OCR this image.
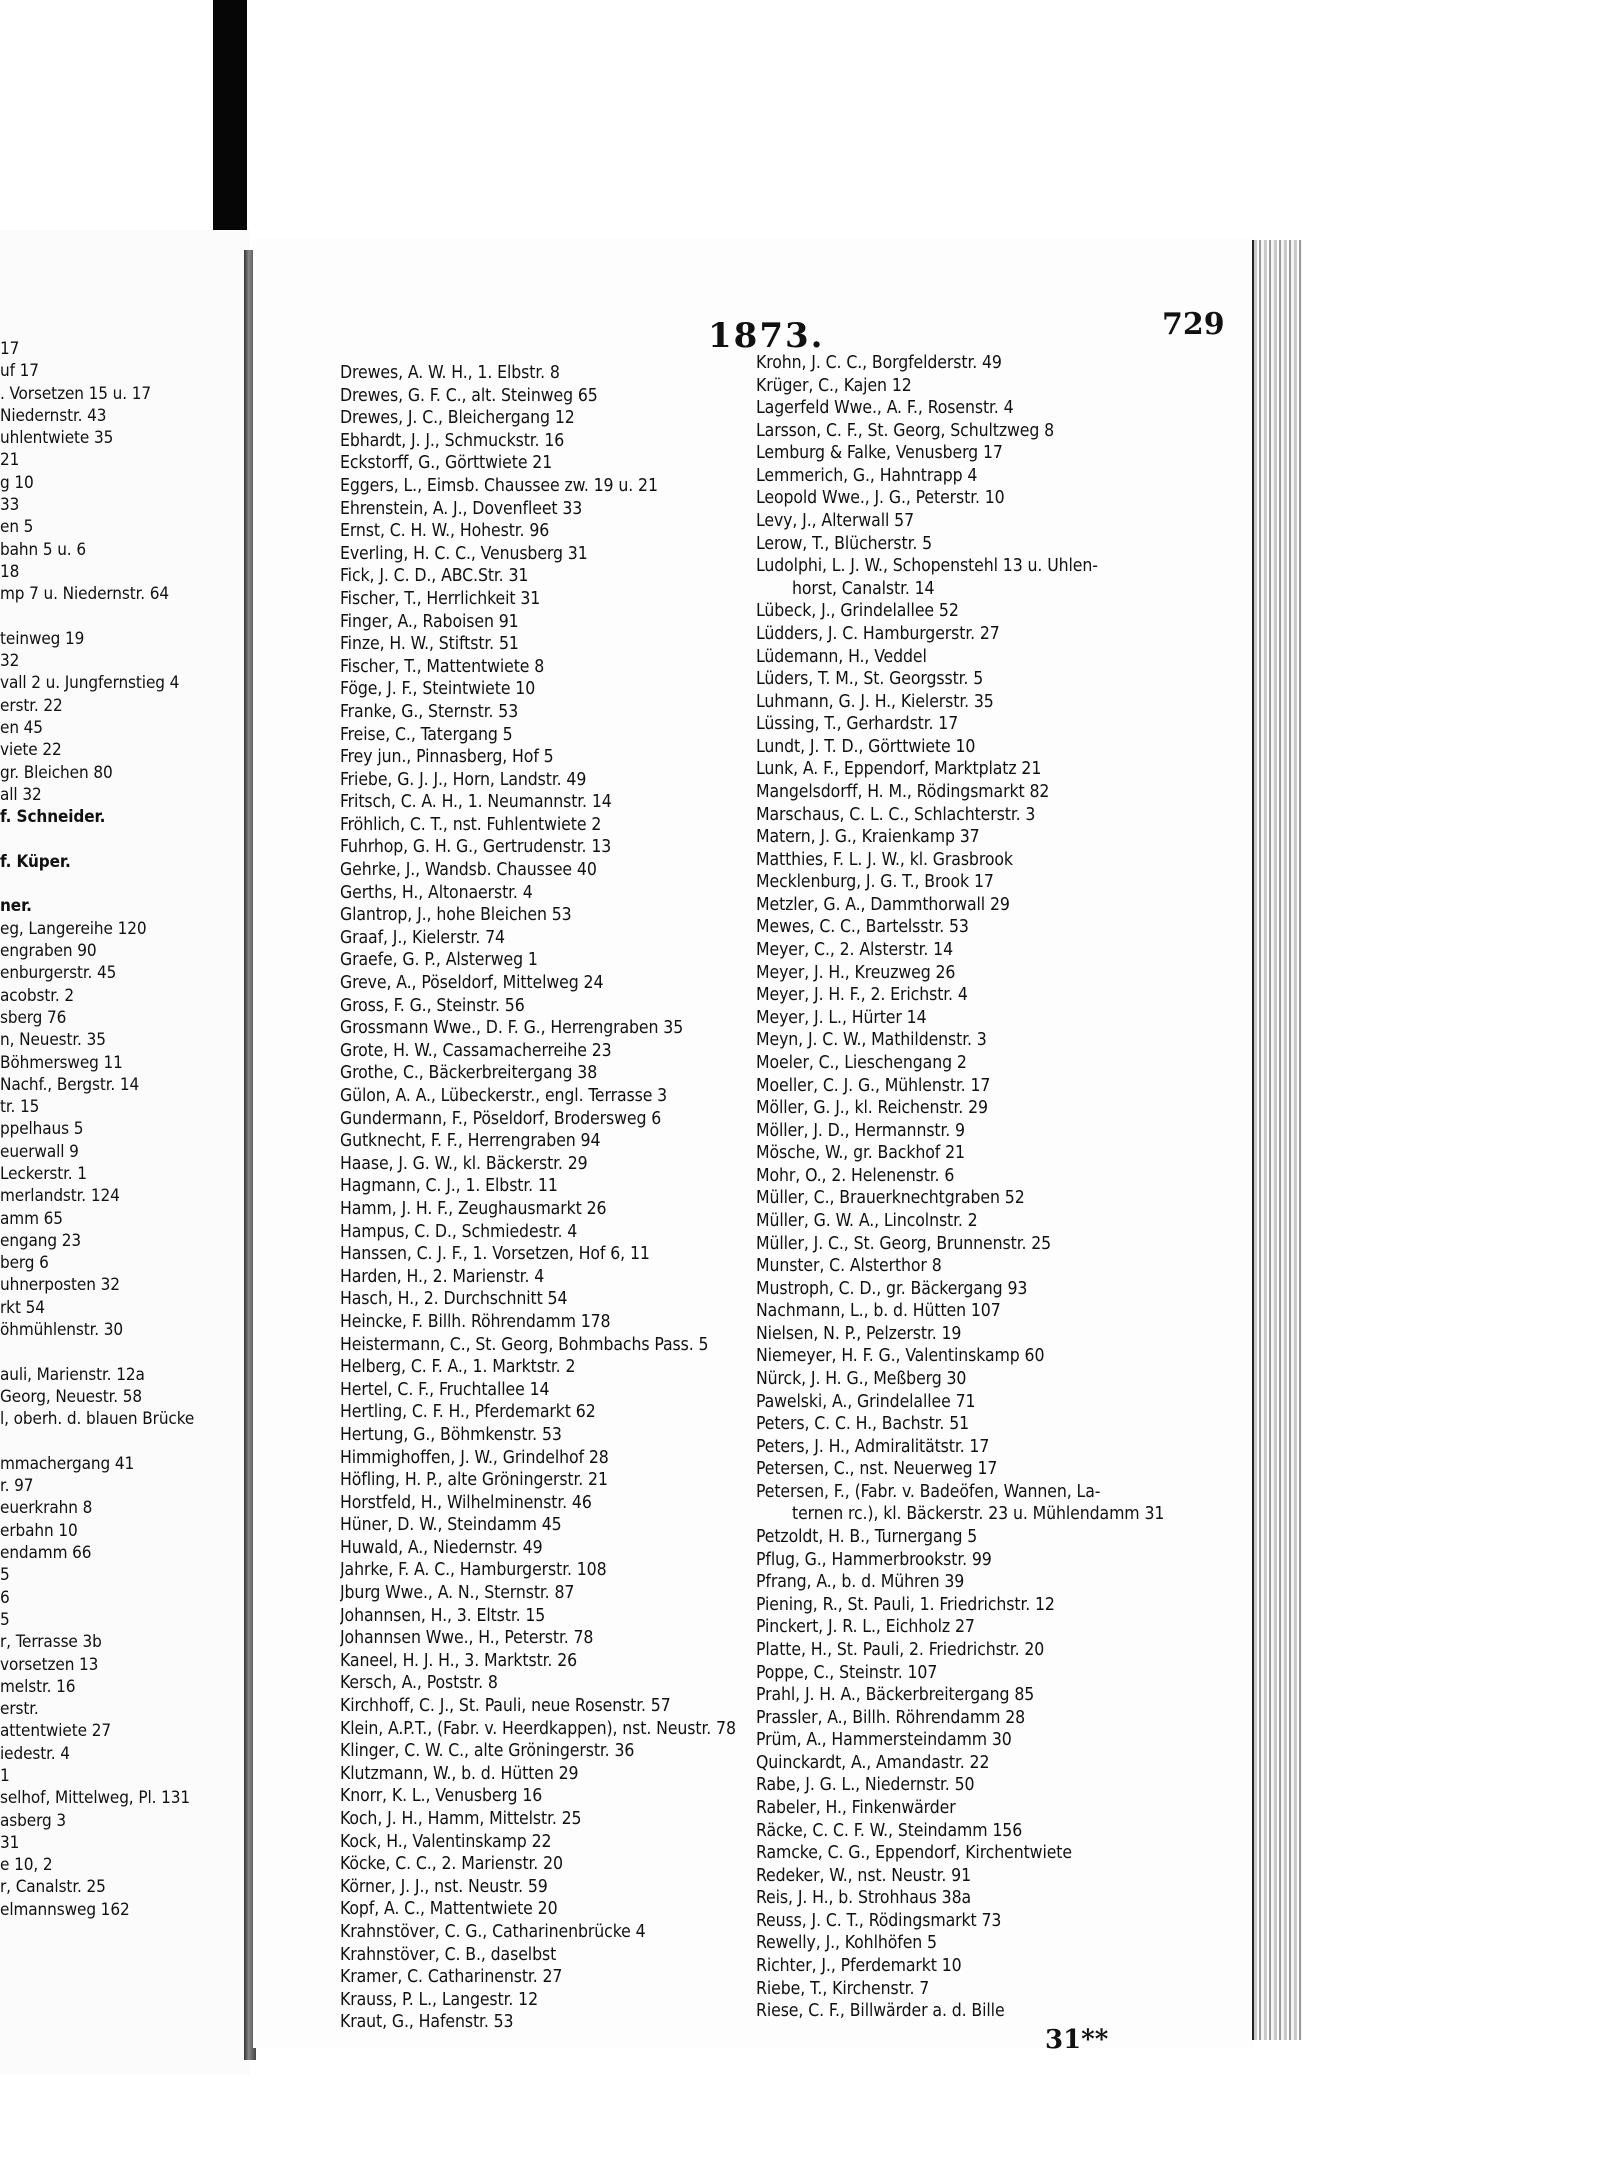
1873.	729
17
uf 17
. Vorsetzen 15 u. 17
Niedernstr. 43
uhlentwiete 35
21
g 10
33
en 5
bahn 5 u. 6
18
mp 7 u. Niedernstr. 64
teinweg 19
32
vall 2 u. Jungfernstieg 4
erstr. 22
en 45
viete 22
gr. Bleichen 80
all 32
f. Schneider.
f. Küper.
ner.
eg, Langereihe 120
engraben 90
enburgerstr. 45
acobstr. 2
sberg 76
n, Neuestr. 35
Böhmersweg 11
Nachf., Bergstr. 14
tr. 15
ppelhaus 5
euerwall 9
Leckerstr. 1
merlandstr. 124
amm 65
engang 23
berg 6
uhnerposten 32
rkt 54
öhmühlenstr. 30
auli, Marienstr. 12a
Georg, Neuestr. 58
l, oberh. d. blauen Brücke
mmachergang 41
r. 97
euerkrahn 8
erbahn 10
endamm 66
5
6
5
r, Terrasse 3b
vorsetzen 13
melstr. 16
erstr.
attentwiete 27
iedestr. 4
1
selhof, Mittelweg, Pl. 131
asberg 3
31
e 10, 2
r, Canalstr. 25
elmannsweg 162
Drewes, A. W. H., 1. Elbstr. 8
Drewes, G. F. C., alt. Steinweg 65
Drewes, J. C., Bleichergang 12
Ebhardt, J. J., Schmuckstr. 16
Eckstorff, G., Görttwiete 21
Eggers, L., Eimsb. Chaussee zw. 19 u. 21
Ehrenstein, A. J., Dovenfleet 33
Ernst, C. H. W., Hohestr. 96
Everling, H. C. C., Venusberg 31
Fick, J. C. D., ABC.Str. 31
Fischer, T., Herrlichkeit 31
Finger, A., Raboisen 91
Finze, H. W., Stiftstr. 51
Fischer, T., Mattentwiete 8
Föge, J. F., Steintwiete 10
Franke, G., Sternstr. 53
Freise, C., Tatergang 5
Frey jun., Pinnasberg, Hof 5
Friebe, G. J. J., Horn, Landstr. 49
Fritsch, C. A. H., 1. Neumannstr. 14
Fröhlich, C. T., nst. Fuhlentwiete 2
Fuhrhop, G. H. G., Gertrudenstr. 13
Gehrke, J., Wandsb. Chaussee 40
Gerths, H., Altonaerstr. 4
Glantrop, J., hohe Bleichen 53
Graaf, J., Kielerstr. 74
Graefe, G. P., Alsterweg 1
Greve, A., Pöseldorf, Mittelweg 24
Gross, F. G., Steinstr. 56
Grossmann Wwe., D. F. G., Herrengraben 35
Grote, H. W., Cassamacherreihe 23
Grothe, C., Bäckerbreitergang 38
Gülon, A. A., Lübeckerstr., engl. Terrasse 3
Gundermann, F., Pöseldorf, Brodersweg 6
Gutknecht, F. F., Herrengraben 94
Haase, J. G. W., kl. Bäckerstr. 29
Hagmann, C. J., 1. Elbstr. 11
Hamm, J. H. F., Zeughausmarkt 26
Hampus, C. D., Schmiedestr. 4
Hanssen, C. J. F., 1. Vorsetzen, Hof 6, 11
Harden, H., 2. Marienstr. 4
Hasch, H., 2. Durchschnitt 54
Heincke, F. Billh. Röhrendamm 178
Heistermann, C., St. Georg, Bohmbachs Pass. 5
Helberg, C. F. A., 1. Marktstr. 2
Hertel, C. F., Fruchtallee 14
Hertling, C. F. H., Pferdemarkt 62
Hertung, G., Böhmkenstr. 53
Himmighoffen, J. W., Grindelhof 28
Höfling, H. P., alte Gröningerstr. 21
Horstfeld, H., Wilhelminenstr. 46
Hüner, D. W., Steindamm 45
Huwald, A., Niedernstr. 49
Jahrke, F. A. C., Hamburgerstr. 108
Jburg Wwe., A. N., Sternstr. 87
Johannsen, H., 3. Eltstr. 15
Johannsen Wwe., H., Peterstr. 78
Kaneel, H. J. H., 3. Marktstr. 26
Kersch, A., Poststr. 8
Kirchhoff, C. J., St. Pauli, neue Rosenstr. 57
Klein, A.P.T., (Fabr. v. Heerdkappen), nst. Neustr. 78
Klinger, C. W. C., alte Gröningerstr. 36
Klutzmann, W., b. d. Hütten 29
Knorr, K. L., Venusberg 16
Koch, J. H., Hamm, Mittelstr. 25
Kock, H., Valentinskamp 22
Köcke, C. C., 2. Marienstr. 20
Körner, J. J., nst. Neustr. 59
Kopf, A. C., Mattentwiete 20
Krahnstöver, C. G., Catharinenbrücke 4
Krahnstöver, C. B., daselbst
Kramer, C. Catharinenstr. 27
Krauss, P. L., Langestr. 12
Kraut, G., Hafenstr. 53
Krohn, J. C. C., Borgfelderstr. 49
Krüger, C., Kajen 12
Lagerfeld Wwe., A. F., Rosenstr. 4
Larsson, C. F., St. Georg, Schultzweg 8
Lemburg & Falke, Venusberg 17
Lemmerich, G., Hahntrapp 4
Leopold Wwe., J. G., Peterstr. 10
Levy, J., Alterwall 57
Lerow, T., Blücherstr. 5
Ludolphi, L. J. W., Schopenstehl 13 u. Uhlen-
horst, Canalstr. 14
Lübeck, J., Grindelallee 52
Lüdders, J. C. Hamburgerstr. 27
Lüdemann, H., Veddel
Lüders, T. M., St. Georgsstr. 5
Luhmann, G. J. H., Kielerstr. 35
Lüssing, T., Gerhardstr. 17
Lundt, J. T. D., Görttwiete 10
Lunk, A. F., Eppendorf, Marktplatz 21
Mangelsdorff, H. M., Rödingsmarkt 82
Marschaus, C. L. C., Schlachterstr. 3
Matern, J. G., Kraienkamp 37
Matthies, F. L. J. W., kl. Grasbrook
Mecklenburg, J. G. T., Brook 17
Metzler, G. A., Dammthorwall 29
Mewes, C. C., Bartelsstr. 53
Meyer, C., 2. Alsterstr. 14
Meyer, J. H., Kreuzweg 26
Meyer, J. H. F., 2. Erichstr. 4
Meyer, J. L., Hürter 14
Meyn, J. C. W., Mathildenstr. 3
Moeler, C., Lieschengang 2
Moeller, C. J. G., Mühlenstr. 17
Möller, G. J., kl. Reichenstr. 29
Möller, J. D., Hermannstr. 9
Mösche, W., gr. Backhof 21
Mohr, O., 2. Helenenstr. 6
Müller, C., Brauerknechtgraben 52
Müller, G. W. A., Lincolnstr. 2
Müller, J. C., St. Georg, Brunnenstr. 25
Munster, C. Alsterthor 8
Mustroph, C. D., gr. Bäckergang 93
Nachmann, L., b. d. Hütten 107
Nielsen, N. P., Pelzerstr. 19
Niemeyer, H. F. G., Valentinskamp 60
Nürck, J. H. G., Meßberg 30
Pawelski, A., Grindelallee 71
Peters, C. C. H., Bachstr. 51
Peters, J. H., Admiralitätstr. 17
Petersen, C., nst. Neuerweg 17
Petersen, F., (Fabr. v. Badeöfen, Wannen, La-
ternen rc.), kl. Bäckerstr. 23 u. Mühlendamm 31
Petzoldt, H. B., Turnergang 5
Pflug, G., Hammerbrookstr. 99
Pfrang, A., b. d. Mühren 39
Piening, R., St. Pauli, 1. Friedrichstr. 12
Pinckert, J. R. L., Eichholz 27
Platte, H., St. Pauli, 2. Friedrichstr. 20
Poppe, C., Steinstr. 107
Prahl, J. H. A., Bäckerbreitergang 85
Prassler, A., Billh. Röhrendamm 28
Prüm, A., Hammersteindamm 30
Quinckardt, A., Amandastr. 22
Rabe, J. G. L., Niedernstr. 50
Rabeler, H., Finkenwärder
Räcke, C. C. F. W., Steindamm 156
Ramcke, C. G., Eppendorf, Kirchentwiete
Redeker, W., nst. Neustr. 91
Reis, J. H., b. Strohhaus 38a
Reuss, J. C. T., Rödingsmarkt 73
Rewelly, J., Kohlhöfen 5
Richter, J., Pferdemarkt 10
Riebe, T., Kirchenstr. 7
Riese, C. F., Billwärder a. d. Bille
31**
